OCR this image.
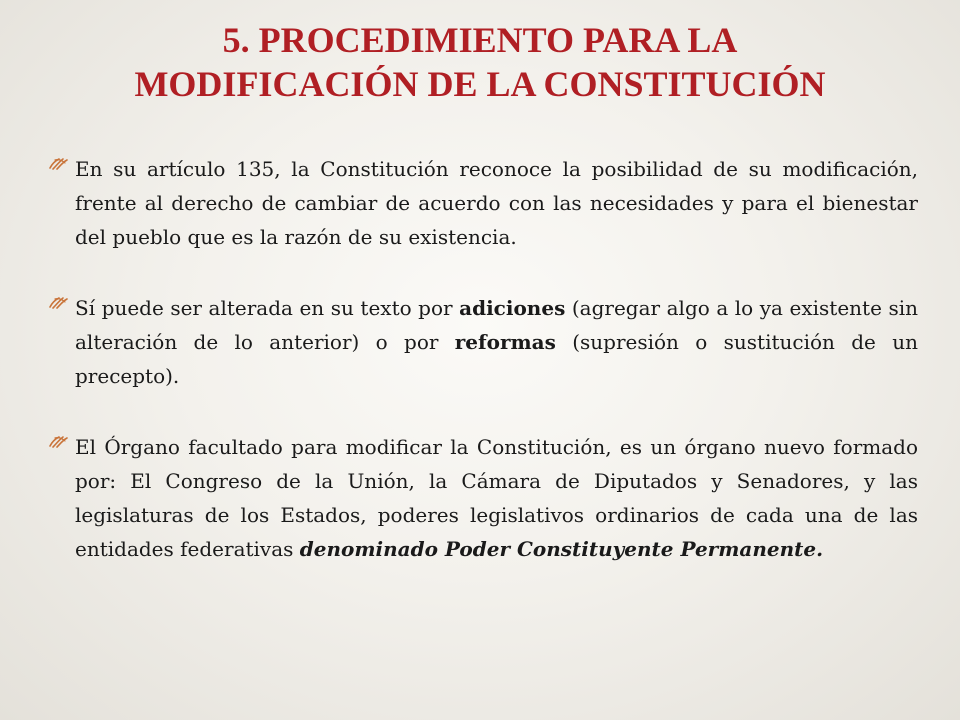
5. PROCEDIMIENTO PARA LA
MODIFICACIÓN DE LA CONSTITUCIÓN
En su artículo 135, la Constitución reconoce la posibilidad de su modificación, frente al derecho de cambiar de acuerdo con las necesidades y para el bienestar del pueblo que es la razón de su existencia.
Sí puede ser alterada en su texto por adiciones (agregar algo a lo ya existente sin alteración de lo anterior) o por reformas (supresión o sustitución de un precepto).
El Órgano facultado para modificar la Constitución, es un órgano nuevo formado por: El Congreso de la Unión, la Cámara de Diputados y Senadores, y las legislaturas de los Estados, poderes legislativos ordinarios de cada una de las entidades federativas denominado Poder Constituyente Permanente.
